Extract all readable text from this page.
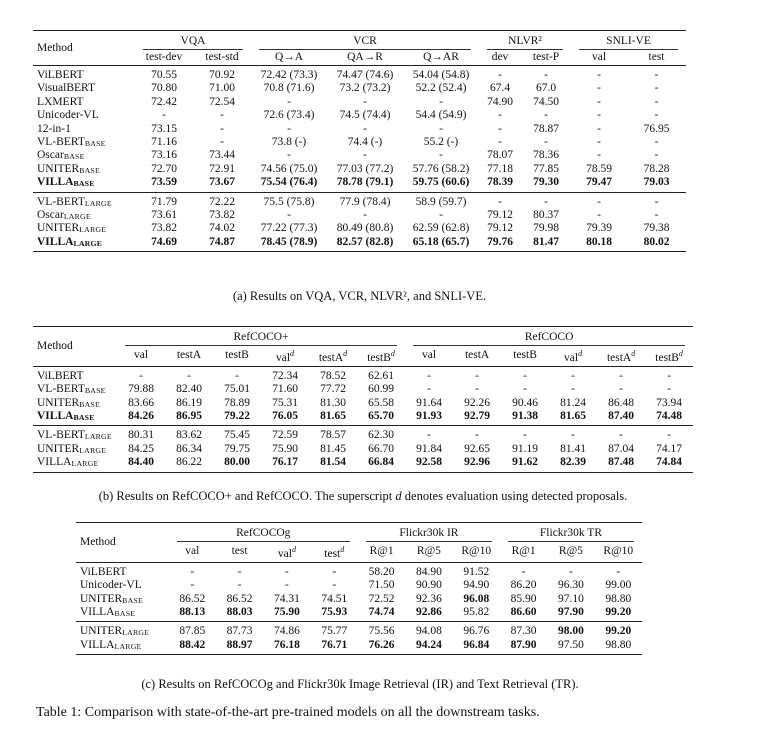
Method	VQA		VCR			NLVR²		SNLI-VE	

	test-dev	test-std	Q→A	QA→R	Q→AR	dev	test-P	val	test
ViLBERT	70.55	70.92	72.42 (73.3)	74.47 (74.6)	54.04 (54.8)	-	-	-	-
VisualBERT	70.80	71.00	70.8 (71.6)	73.2 (73.2)	52.2 (52.4)	67.4	67.0	-	-
LXMERT	72.42	72.54	-	-	-	74.90	74.50	-	-
Unicoder-VL	-	-	72.6 (73.4)	74.5 (74.4)	54.4 (54.9)	-	-	-	-
12-in-1	73.15	-	-	-	-	-	78.87	-	76.95
VL-BERTBASE	71.16	-	73.8 (-)	74.4 (-)	55.2 (-)	-	-	-	-
OscarBASE	73.16	73.44	-	-	-	78.07	78.36	-	-
UNITERBASE	72.70	72.91	74.56 (75.0)	77.03 (77.2)	57.76 (58.2)	77.18	77.85	78.59	78.28
VILLABASE	73.59	73.67	75.54 (76.4)	78.78 (79.1)	59.75 (60.6)	78.39	79.30	79.47	79.03
VL-BERTLARGE	71.79	72.22	75.5 (75.8)	77.9 (78.4)	58.9 (59.7)	-	-	-	-
OscarLARGE	73.61	73.82	-	-	-	79.12	80.37	-	-
UNITERLARGE	73.82	74.02	77.22 (77.3)	80.49 (80.8)	62.59 (62.8)	79.12	79.98	79.39	79.38
VILLALARGE	74.69	74.87	78.45 (78.9)	82.57 (82.8)	65.18 (65.7)	79.76	81.47	80.18	80.02
(a) Results on VQA, VCR, NLVR², and SNLI-VE.
Method	RefCOCO+						RefCOCO					

	val	testA	testB	val$^d$	testA$^d$	testB$^d$	val	testA	testB	val$^d$	testA$^d$	testB$^d$
ViLBERT	-	-	-	72.34	78.52	62.61	-	-	-	-	-	-
VL-BERTBASE	79.88	82.40	75.01	71.60	77.72	60.99	-	-	-	-	-	-
UNITERBASE	83.66	86.19	78.89	75.31	81.30	65.58	91.64	92.26	90.46	81.24	86.48	73.94
VILLABASE	84.26	86.95	79.22	76.05	81.65	65.70	91.93	92.79	91.38	81.65	87.40	74.48
VL-BERTLARGE	80.31	83.62	75.45	72.59	78.57	62.30	-	-	-	-	-	-
UNITERLARGE	84.25	86.34	79.75	75.90	81.45	66.70	91.84	92.65	91.19	81.41	87.04	74.17
VILLALARGE	84.40	86.22	80.00	76.17	81.54	66.84	92.58	92.96	91.62	82.39	87.48	74.84
(b) Results on RefCOCO+ and RefCOCO. The superscript d denotes evaluation using detected proposals.
Method	RefCOCOg				Flickr30k IR			Flickr30k TR		

	val	test	val$^d$	test$^d$	R@1	R@5	R@10	R@1	R@5	R@10
ViLBERT	-	-	-	-	58.20	84.90	91.52	-	-	-
Unicoder-VL	-	-	-	-	71.50	90.90	94.90	86.20	96.30	99.00
UNITERBASE	86.52	86.52	74.31	74.51	72.52	92.36	96.08	85.90	97.10	98.80
VILLABASE	88.13	88.03	75.90	75.93	74.74	92.86	95.82	86.60	97.90	99.20
UNITERLARGE	87.85	87.73	74.86	75.77	75.56	94.08	96.76	87.30	98.00	99.20
VILLALARGE	88.42	88.97	76.18	76.71	76.26	94.24	96.84	87.90	97.50	98.80
(c) Results on RefCOCOg and Flickr30k Image Retrieval (IR) and Text Retrieval (TR).
Table 1: Comparison with state-of-the-art pre-trained models on all the downstream tasks.
